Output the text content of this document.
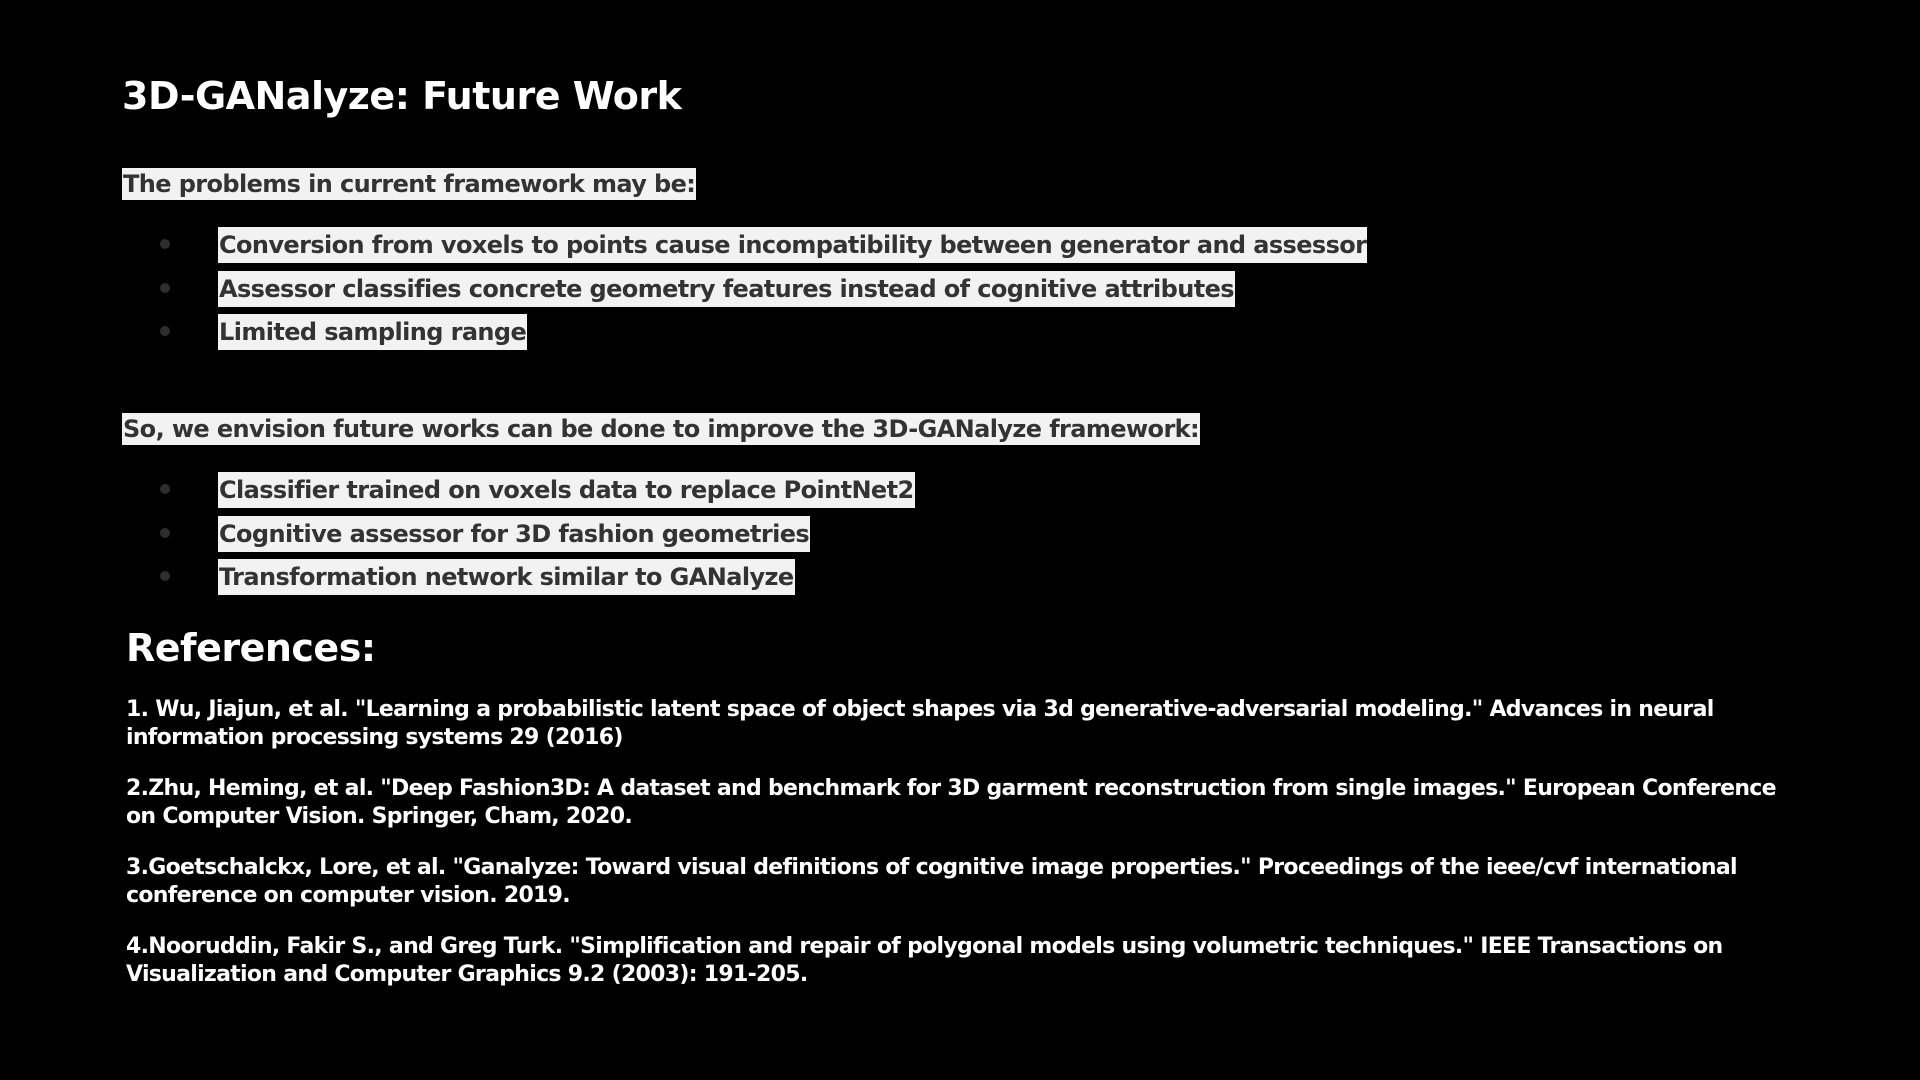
3D-GANalyze: Future Work

The problems in current framework may be:

Conversion from voxels to points cause incompatibility between generator and assessor
Assessor classifies concrete geometry features instead of cognitive attributes
Limited sampling range

So, we envision future works can be done to improve the 3D-GANalyze framework:

Classifier trained on voxels data to replace PointNet2
Cognitive assessor for 3D fashion geometries
Transformation network similar to GANalyze
References:
1. Wu, Jiajun, et al. "Learning a probabilistic latent space of object shapes via 3d generative-adversarial modeling." Advances in neural information processing systems 29 (2016)
2.Zhu, Heming, et al. "Deep Fashion3D: A dataset and benchmark for 3D garment reconstruction from single images." European Conference on Computer Vision. Springer, Cham, 2020.
3.Goetschalckx, Lore, et al. "Ganalyze: Toward visual definitions of cognitive image properties." Proceedings of the ieee/cvf international conference on computer vision. 2019.
4.Nooruddin, Fakir S., and Greg Turk. "Simplification and repair of polygonal models using volumetric techniques." IEEE Transactions on Visualization and Computer Graphics 9.2 (2003): 191-205.
